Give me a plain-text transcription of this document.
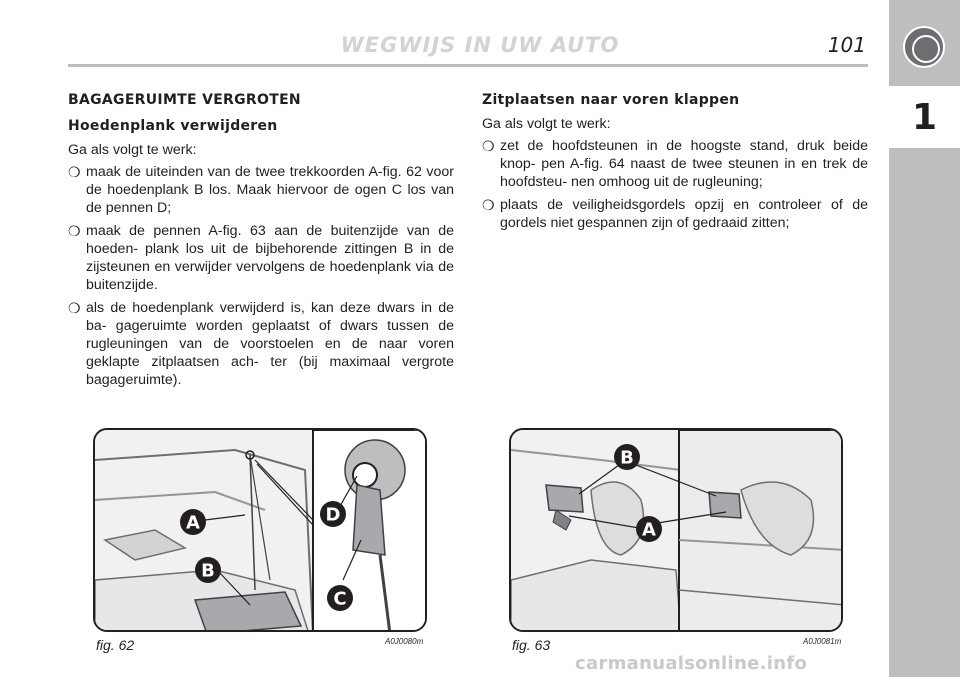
1
WEGWIJS IN UW AUTO	101
BAGAGERUIMTE VERGROTEN
Hoedenplank verwijderen
Ga als volgt te werk:
❍ maak de uiteinden van de twee trekkoorden A-fig. 62 voor de hoedenplank B los. Maak hiervoor de ogen C los van de pennen D;
❍ maak de pennen A-fig. 63 aan de buitenzijde van de hoeden- plank los uit de bijbehorende zittingen B in de zijsteunen en verwijder vervolgens de hoedenplank via de buitenzijde.
❍ als de hoedenplank verwijderd is, kan deze dwars in de ba- gageruimte worden geplaatst of dwars tussen de rugleuningen van de voorstoelen en de naar voren geklapte zitplaatsen ach- ter (bij maximaal vergrote bagageruimte).
Zitplaatsen naar voren klappen
Ga als volgt te werk:
❍ zet de hoofdsteunen in de hoogste stand, druk beide knop- pen A-fig. 64 naast de twee steunen in en trek de hoofdsteu- nen omhoog uit de rugleuning;
❍ plaats de veiligheidsgordels opzij en controleer of de gordels niet gespannen zijn of gedraaid zitten;
A
B
D
C
fig. 62	A0J0080m
B
A
fig. 63	A0J0081m
carmanualsonline.info
